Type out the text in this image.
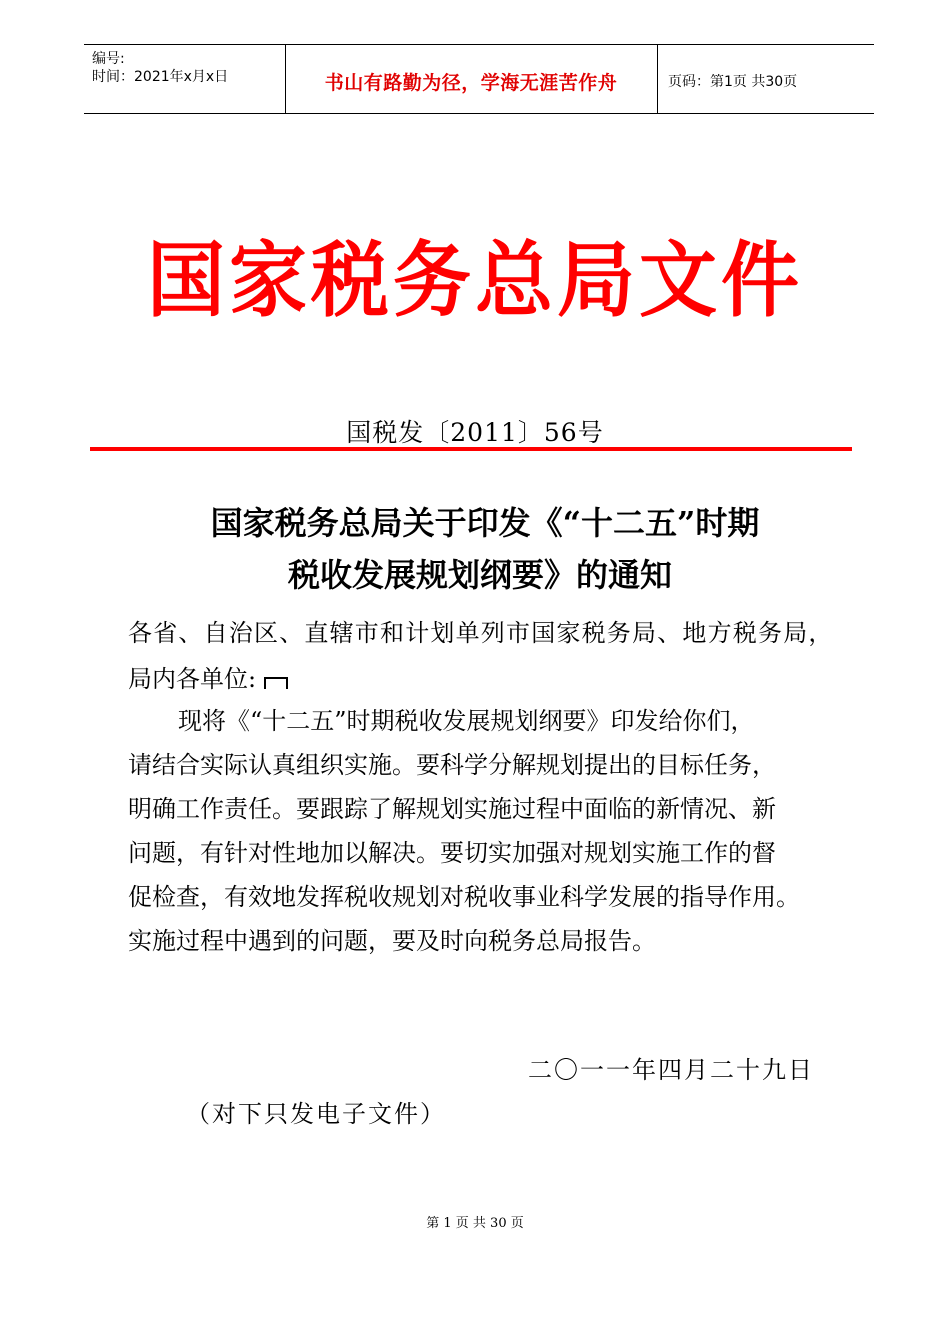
编号:
时间：2021年x月x日	书山有路勤为径，学海无涯苦作舟	页码：第1页 共30页
国家税务总局文件
国税发〔2011〕56号
国家税务总局关于印发《“十二五”时期
税收发展规划纲要》的通知
各省、自治区、直辖市和计划单列市国家税务局、地方税务局，
局内各单位:
现将《“十二五”时期税收发展规划纲要》印发给你们，
请结合实际认真组织实施。要科学分解规划提出的目标任务，
明确工作责任。要跟踪了解规划实施过程中面临的新情况、新
问题，有针对性地加以解决。要切实加强对规划实施工作的督
促检查，有效地发挥税收规划对税收事业科学发展的指导作用。
实施过程中遇到的问题，要及时向税务总局报告。
二〇一一年四月二十九日
（对下只发电子文件）
第 1 页 共 30 页
